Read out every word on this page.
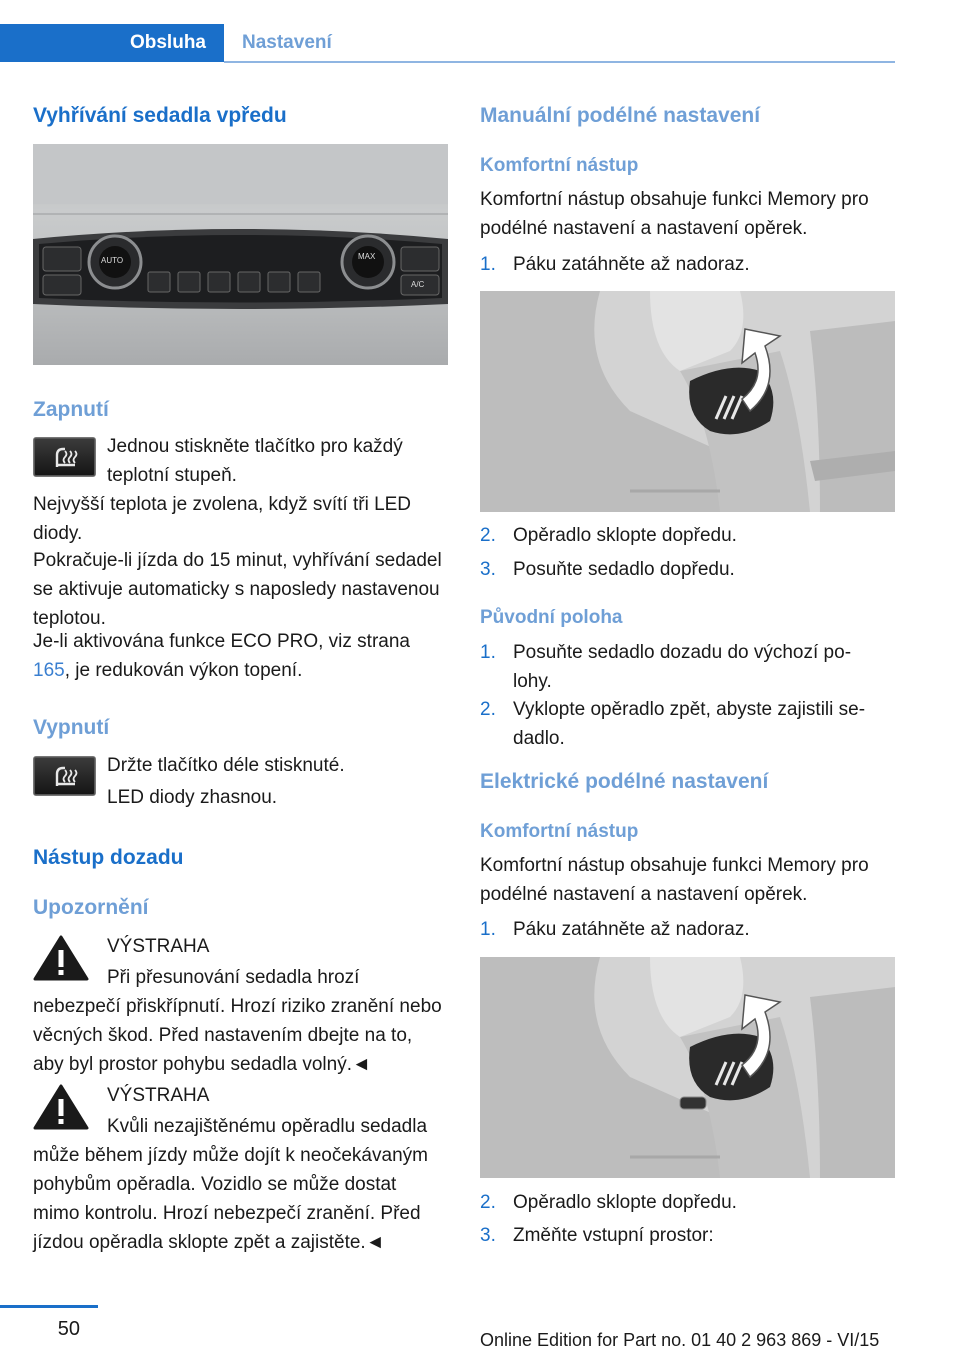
Obsluha Nastavení
Vyhřívání sedadla vpředu
AUTO	MAX
A/C
Zapnutí
Jednou stiskněte tlačítko pro každý teplotní stupeň.
Nejvyšší teplota je zvolena, když svítí tři LED diody.
Pokračuje-li jízda do 15 minut, vyhřívání sedadel se aktivuje automaticky s naposledy nastavenou teplotou.
Je-li aktivována funkce ECO PRO, viz strana 165, je redukován výkon topení.
Vypnutí
Držte tlačítko déle stisknuté.
LED diody zhasnou.
Nástup dozadu
Upozornění
VÝSTRAHA
Při přesunování sedadla hrozí nebezpečí přiskřípnutí. Hrozí riziko zranění nebo věcných škod. Před nastavením dbejte na to, aby byl prostor pohybu sedadla volný.◄
VÝSTRAHA
Kvůli nezajištěnému opěradlu sedadla může během jízdy může dojít k neočekávaným pohybům opěradla. Vozidlo se může dostat mimo kontrolu. Hrozí nebezpečí zranění. Před jízdou opěradla sklopte zpět a zajistěte.◄
Manuální podélné nastavení
Komfortní nástup
Komfortní nástup obsahuje funkci Memory pro podélné nastavení a nastavení opěrek.
1. Páku zatáhněte až nadoraz.
2. Opěradlo sklopte dopředu.
3. Posuňte sedadlo dopředu.
Původní poloha
1. Posuňte sedadlo dozadu do výchozí polohy.
2. Vyklopte opěradlo zpět, abyste zajistili sedadlo.
Elektrické podélné nastavení
Komfortní nástup
Komfortní nástup obsahuje funkci Memory pro podélné nastavení a nastavení opěrek.
1. Páku zatáhněte až nadoraz.
2. Opěradlo sklopte dopředu.
3. Změňte vstupní prostor:
50	Online Edition for Part no. 01 40 2 963 869 - VI/15
